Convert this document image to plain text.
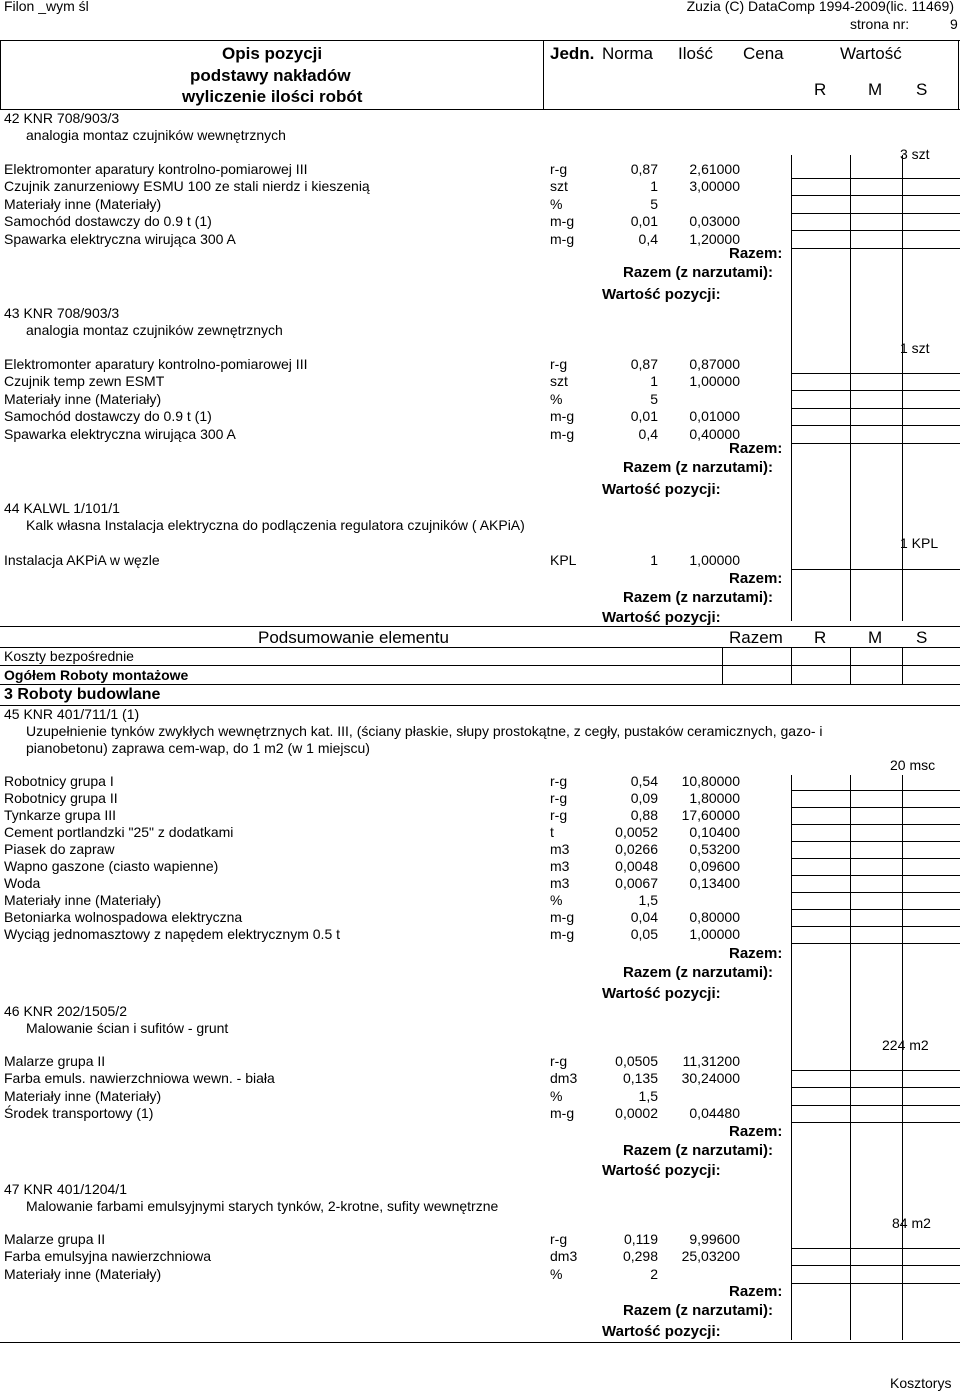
Filon _wym śl	Zuzia (C) DataComp 1994-2009(lic. 11469)
strona nr:	9
Opis pozycji
podstawy nakładów
wyliczenie ilości robót
Jedn. Norma Ilość Cena	Wartość
R M S
42 KNR 708/903/3
analogia montaz czujników wewnętrznych
3 szt
Elektromonter aparatury kontrolno-pomiarowej III	r-g	0,87	2,61000
Czujnik zanurzeniowy ESMU 100 ze stali nierdz i kieszenią	szt	1	3,00000
Materiały inne (Materiały)	%	5
Samochód dostawczy do 0.9 t (1)	m-g	0,01	0,03000
Spawarka elektryczna wirująca 300 A	m-g	0,4	1,20000
Razem:
Razem (z narzutami):
Wartość pozycji:
43 KNR 708/903/3
analogia montaz czujników zewnętrznych
1 szt
Elektromonter aparatury kontrolno-pomiarowej III	r-g	0,87	0,87000
Czujnik temp zewn ESMT	szt	1	1,00000
Materiały inne (Materiały)	%	5
Samochód dostawczy do 0.9 t (1)	m-g	0,01	0,01000
Spawarka elektryczna wirująca 300 A	m-g	0,4	0,40000
Razem:
Razem (z narzutami):
Wartość pozycji:
44 KALWL 1/101/1
Kalk własna Instalacja elektryczna do podlączenia regulatora czujników ( AKPiA)
1 KPL
Instalacja AKPiA w węzle	KPL	1	1,00000
Razem:
Razem (z narzutami):
Wartość pozycji:
Podsumowanie elementu	Razem R M S
Koszty bezpośrednie
Ogółem Roboty montażowe
3 Roboty budowlane
45 KNR 401/711/1 (1)
Uzupełnienie tynków zwykłych wewnętrznych kat. III, (ściany płaskie, słupy prostokątne, z cegły, pustaków ceramicznych, gazo- i
pianobetonu) zaprawa cem-wap, do 1 m2 (w 1 miejscu)
20 msc
Robotnicy grupa I	r-g	0,54	10,80000
Robotnicy grupa II	r-g	0,09	1,80000
Tynkarze grupa III	r-g	0,88	17,60000
Cement portlandzki "25" z dodatkami	t	0,0052	0,10400
Piasek do zapraw	m3	0,0266	0,53200
Wapno gaszone (ciasto wapienne)	m3	0,0048	0,09600
Woda	m3	0,0067	0,13400
Materiały inne (Materiały)	%	1,5
Betoniarka wolnospadowa elektryczna	m-g	0,04	0,80000
Wyciąg jednomasztowy z napędem elektrycznym 0.5 t	m-g	0,05	1,00000
Razem:
Razem (z narzutami):
Wartość pozycji:
46 KNR 202/1505/2
Malowanie ścian i sufitów - grunt
224 m2
Malarze grupa II	r-g	0,0505	11,31200
Farba emuls. nawierzchniowa wewn. - biała	dm3	0,135	30,24000
Materiały inne (Materiały)	%	1,5
Środek transportowy (1)	m-g	0,0002	0,04480
Razem:
Razem (z narzutami):
Wartość pozycji:
47 KNR 401/1204/1
Malowanie farbami emulsyjnymi starych tynków, 2-krotne, sufity wewnętrzne
84 m2
Malarze grupa II	r-g	0,119	9,99600
Farba emulsyjna nawierzchniowa	dm3	0,298	25,03200
Materiały inne (Materiały)	%	2
Razem:
Razem (z narzutami):
Wartość pozycji:
Kosztorys
